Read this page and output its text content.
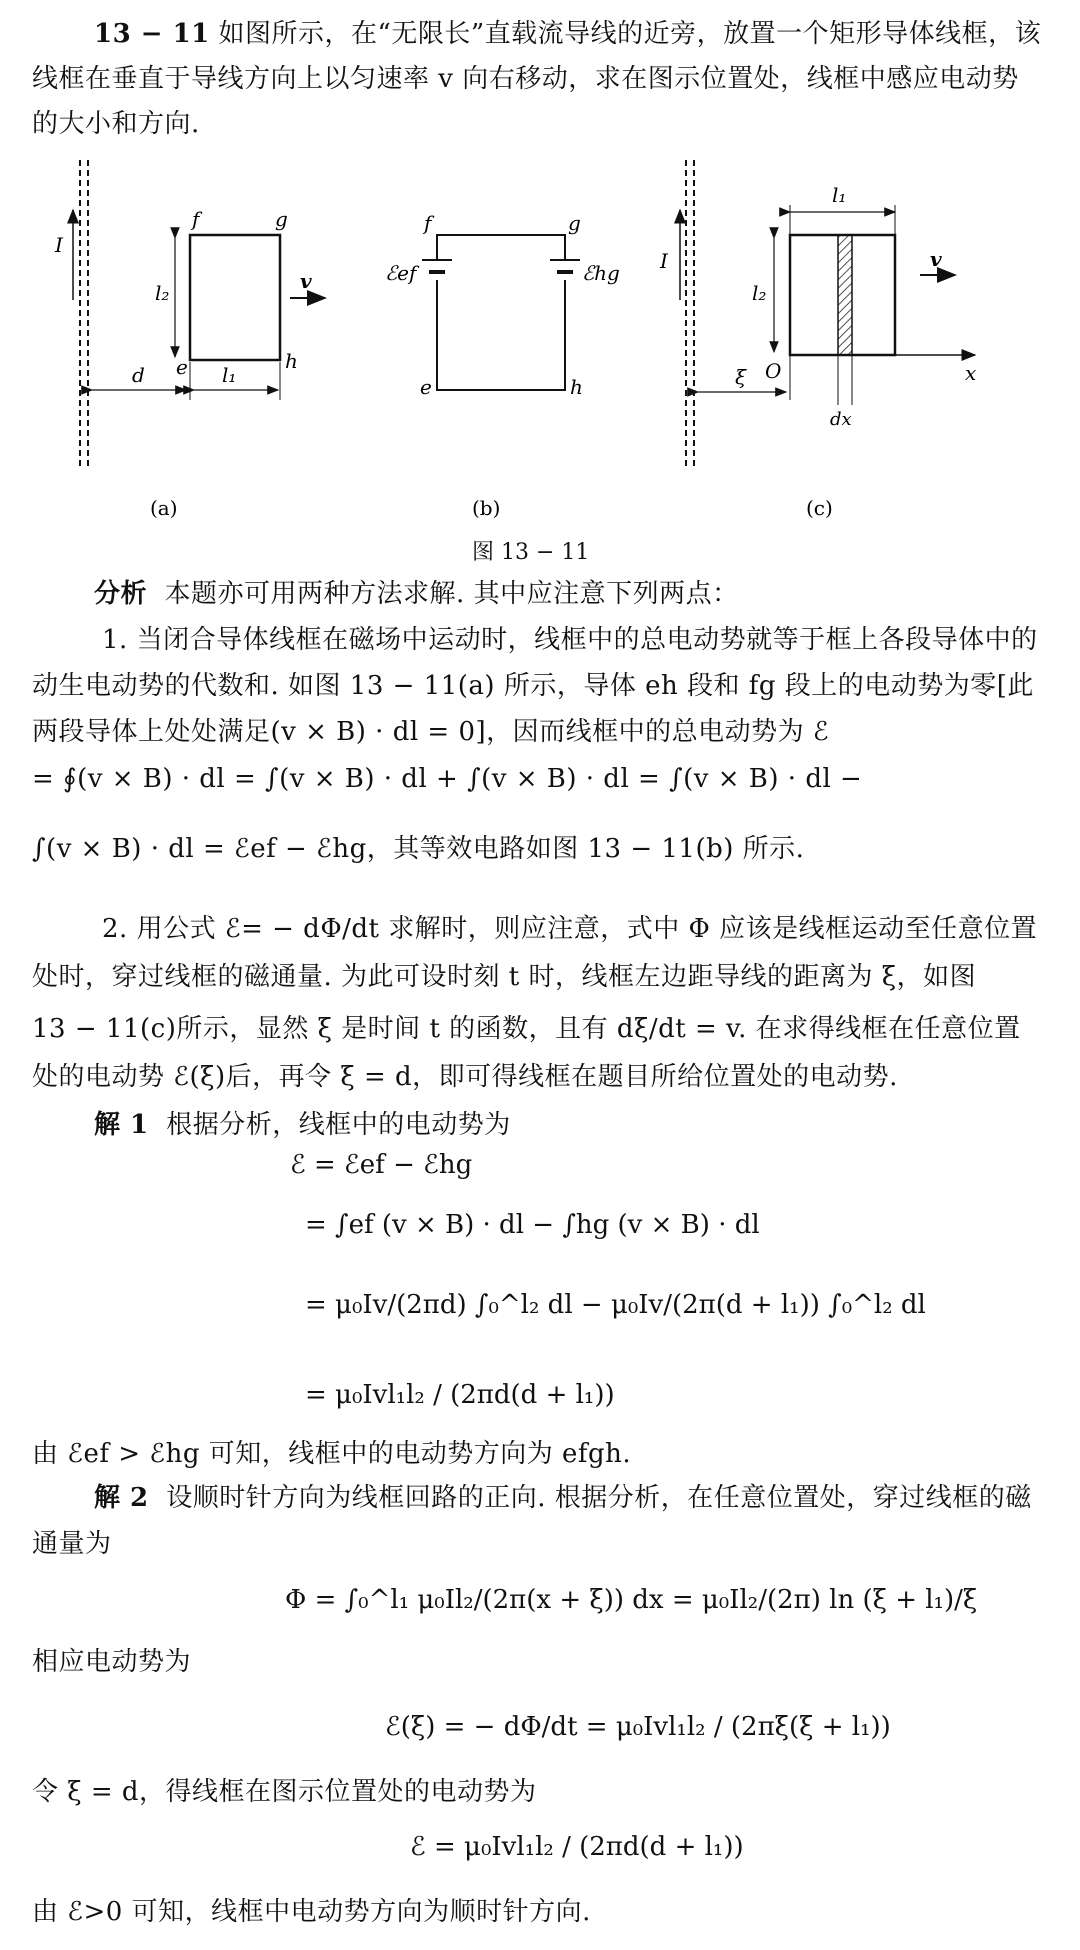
13 − 11 如图所示，在“无限长”直载流导线的近旁，放置一个矩形导体线框，该线框在垂直于导线方向上以匀速率 v 向右移动，求在图示位置处，线框中感应电动势的大小和方向.
I
f	g
e	h
l₂
d	l₁
v
(a)
f	g
e	h
ℰef	ℰhg
(b)
I
l₁
l₂
O	x
ξ
dx
v
(c)
图 13 − 11
分析 本题亦可用两种方法求解. 其中应注意下列两点：
1. 当闭合导体线框在磁场中运动时，线框中的总电动势就等于框上各段导体中的动生电动势的代数和. 如图 13 − 11(a) 所示，导体 eh 段和 fg 段上的电动势为零[此两段导体上处处满足(v × B) · dl = 0]，因而线框中的总电动势为 ℰ
= ∮(v × B) · dl = ∫(v × B) · dl + ∫(v × B) · dl = ∫(v × B) · dl −
∫(v × B) · dl = ℰef − ℰhg，其等效电路如图 13 − 11(b) 所示.
2. 用公式 ℰ= − dΦ/dt 求解时，则应注意，式中 Φ 应该是线框运动至任意位置处时，穿过线框的磁通量. 为此可设时刻 t 时，线框左边距导线的距离为 ξ，如图
13 − 11(c)所示，显然 ξ 是时间 t 的函数，且有 dξ/dt = v. 在求得线框在任意位置处的电动势 ℰ(ξ)后，再令 ξ = d，即可得线框在题目所给位置处的电动势.
解 1 根据分析，线框中的电动势为
ℰ = ℰef − ℰhg
= ∫ef (v × B) · dl − ∫hg (v × B) · dl
= μ₀Iv/(2πd) ∫₀^l₂ dl − μ₀Iv/(2π(d + l₁)) ∫₀^l₂ dl
= μ₀Ivl₁l₂ / (2πd(d + l₁))
由 ℰef > ℰhg 可知，线框中的电动势方向为 efgh.
解 2 设顺时针方向为线框回路的正向. 根据分析，在任意位置处，穿过线框的磁通量为
Φ = ∫₀^l₁ μ₀Il₂/(2π(x + ξ)) dx = μ₀Il₂/(2π) ln (ξ + l₁)/ξ
相应电动势为
ℰ(ξ) = − dΦ/dt = μ₀Ivl₁l₂ / (2πξ(ξ + l₁))
令 ξ = d，得线框在图示位置处的电动势为
ℰ = μ₀Ivl₁l₂ / (2πd(d + l₁))
由 ℰ>0 可知，线框中电动势方向为顺时针方向.
